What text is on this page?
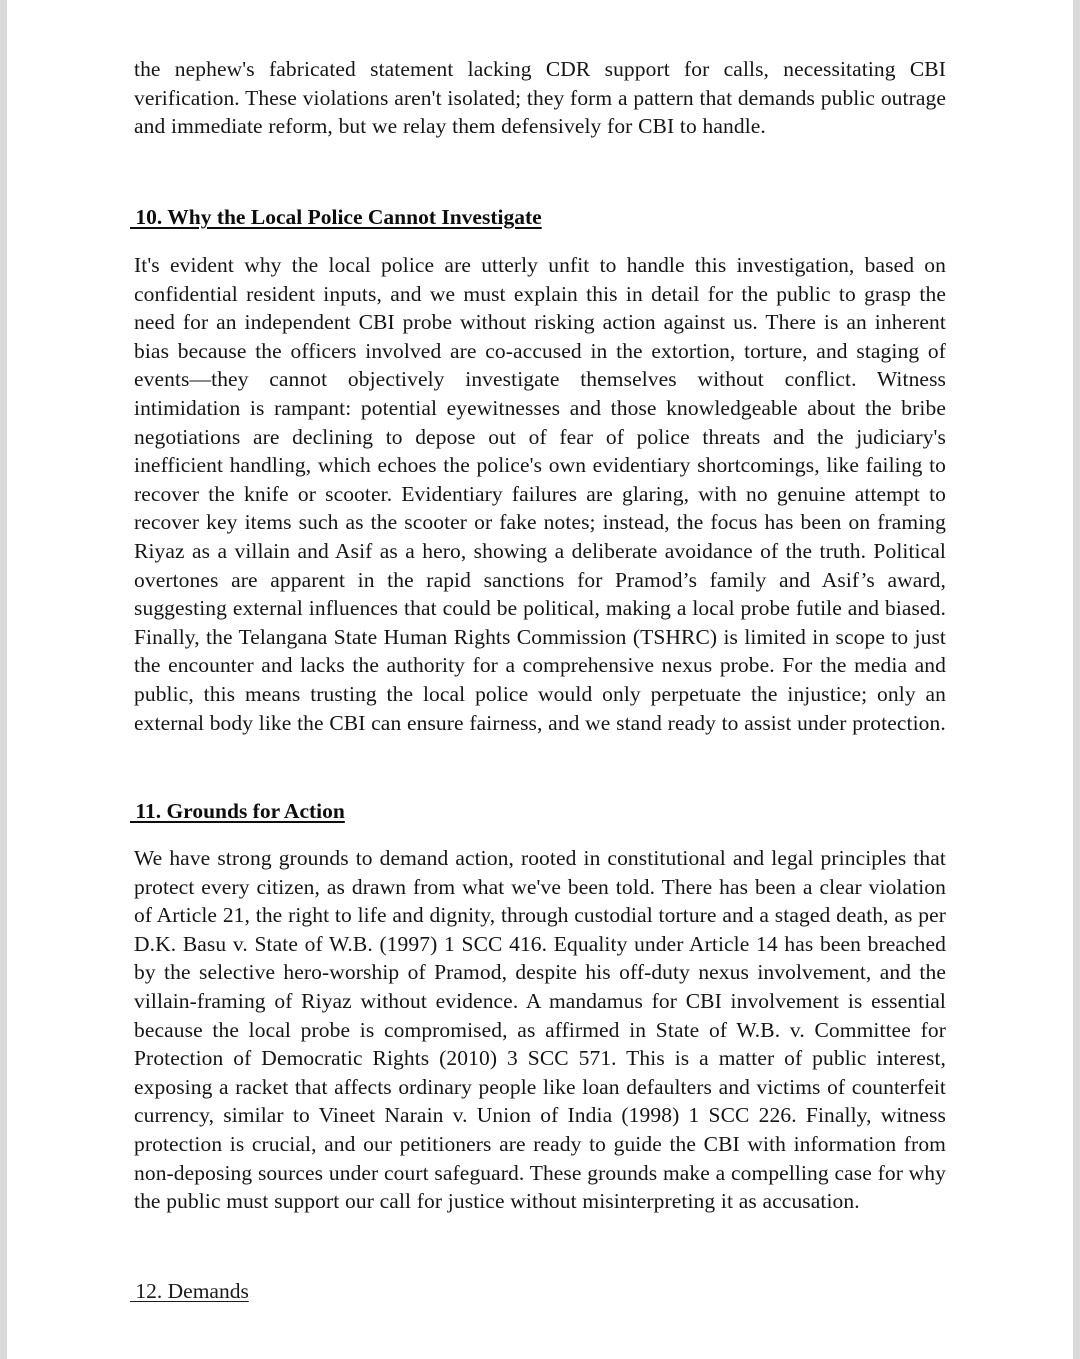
the nephew's fabricated statement lacking CDR support for calls, necessitating CBI verification. These violations aren't isolated; they form a pattern that demands public outrage and immediate reform, but we relay them defensively for CBI to handle.

10. Why the Local Police Cannot Investigate

It's evident why the local police are utterly unfit to handle this investigation, based on confidential resident inputs, and we must explain this in detail for the public to grasp the need for an independent CBI probe without risking action against us. There is an inherent bias because the officers involved are co-accused in the extortion, torture, and staging of events—they cannot objectively investigate themselves without conflict. Witness intimidation is rampant: potential eyewitnesses and those knowledgeable about the bribe negotiations are declining to depose out of fear of police threats and the judiciary's inefficient handling, which echoes the police's own evidentiary shortcomings, like failing to recover the knife or scooter. Evidentiary failures are glaring, with no genuine attempt to recover key items such as the scooter or fake notes; instead, the focus has been on framing Riyaz as a villain and Asif as a hero, showing a deliberate avoidance of the truth. Political overtones are apparent in the rapid sanctions for Pramod’s family and Asif’s award, suggesting external influences that could be political, making a local probe futile and biased. Finally, the Telangana State Human Rights Commission (TSHRC) is limited in scope to just the encounter and lacks the authority for a comprehensive nexus probe. For the media and public, this means trusting the local police would only perpetuate the injustice; only an external body like the CBI can ensure fairness, and we stand ready to assist under protection.

11. Grounds for Action

We have strong grounds to demand action, rooted in constitutional and legal principles that protect every citizen, as drawn from what we've been told. There has been a clear violation of Article 21, the right to life and dignity, through custodial torture and a staged death, as per D.K. Basu v. State of W.B. (1997) 1 SCC 416. Equality under Article 14 has been breached by the selective hero-worship of Pramod, despite his off-duty nexus involvement, and the villain-framing of Riyaz without evidence. A mandamus for CBI involvement is essential because the local probe is compromised, as affirmed in State of W.B. v. Committee for Protection of Democratic Rights (2010) 3 SCC 571. This is a matter of public interest, exposing a racket that affects ordinary people like loan defaulters and victims of counterfeit currency, similar to Vineet Narain v. Union of India (1998) 1 SCC 226. Finally, witness protection is crucial, and our petitioners are ready to guide the CBI with information from non-deposing sources under court safeguard. These grounds make a compelling case for why the public must support our call for justice without misinterpreting it as accusation.

12. Demands
